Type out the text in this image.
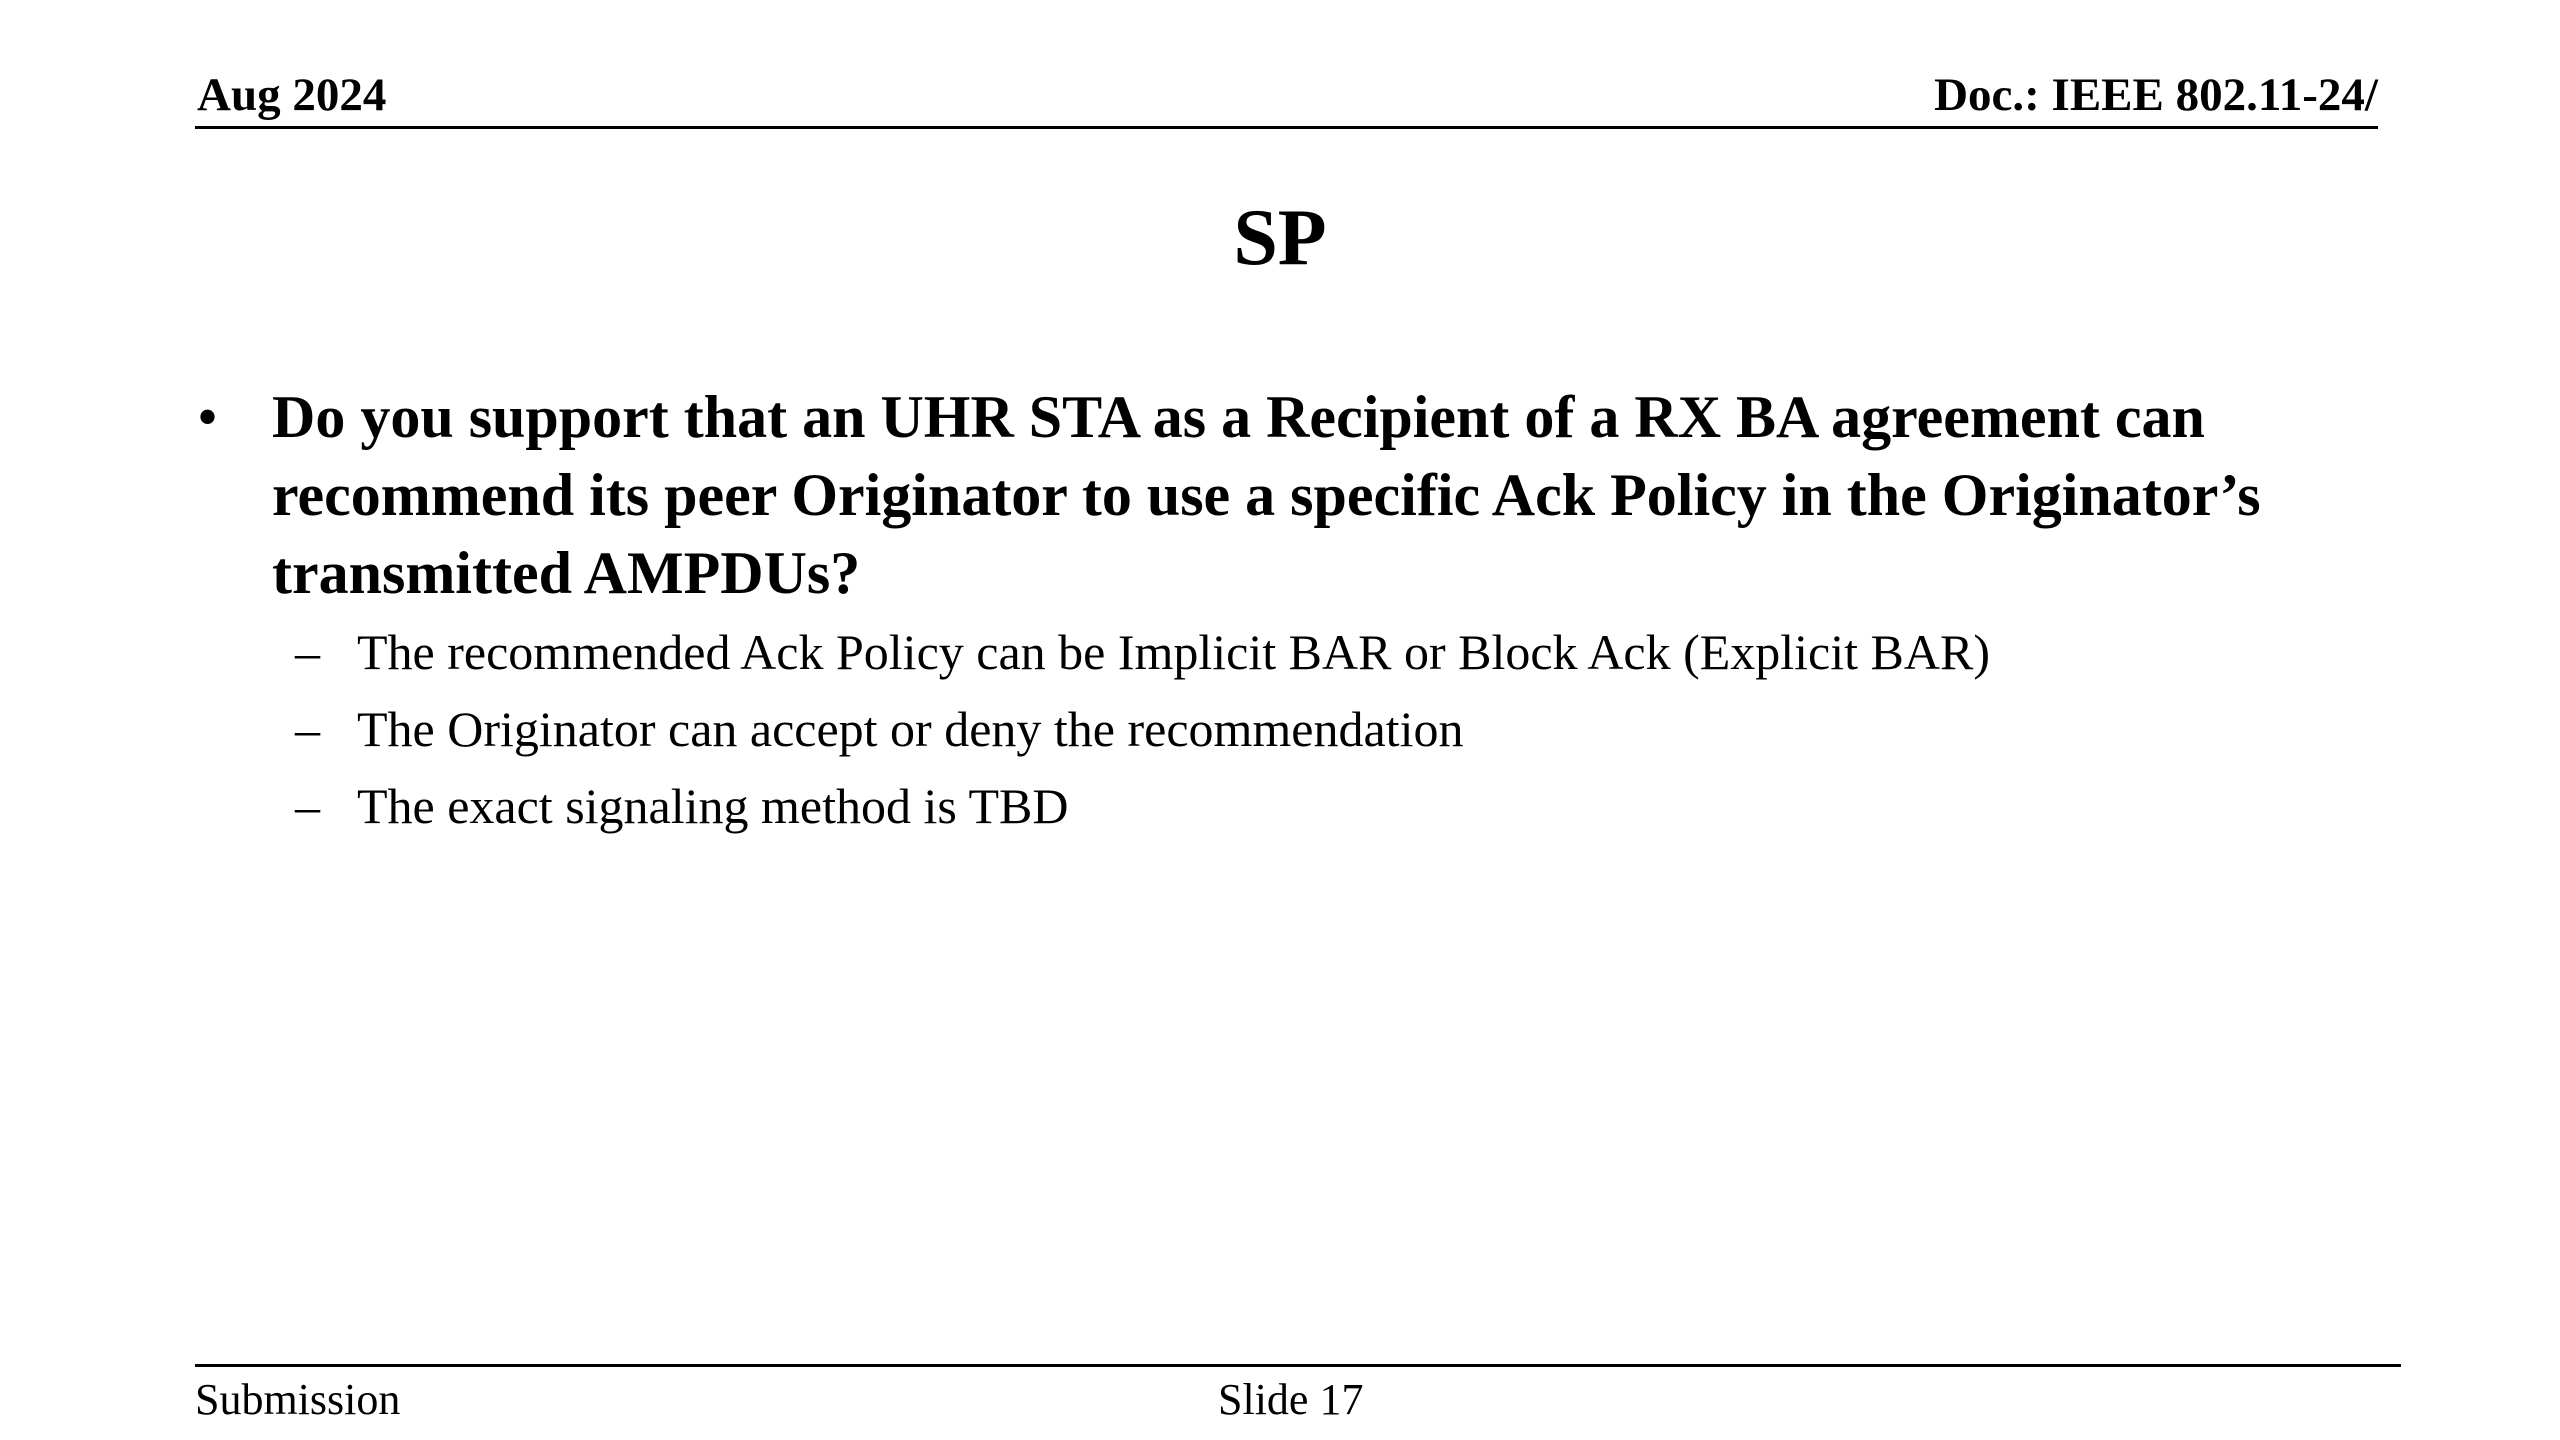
Aug 2024	Doc.: IEEE 802.11-24/
SP
• Do you support that an UHR STA as a Recipient of a RX BA agreement can recommend its peer Originator to use a specific Ack Policy in the Originator’s transmitted AMPDUs?
– The recommended Ack Policy can be Implicit BAR or Block Ack (Explicit BAR)
– The Originator can accept or deny the recommendation
– The exact signaling method is TBD
Submission	Slide 17
